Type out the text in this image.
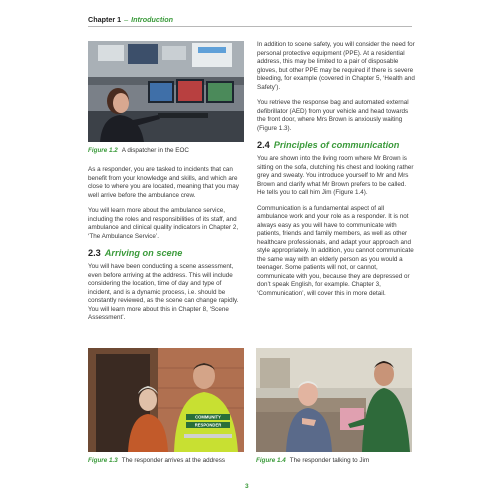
Chapter 1 – Introduction
Figure 1.2 A dispatcher in the EOC

As a responder, you are tasked to incidents that can benefit from your knowledge and skills, and which are close to where you are located, meaning that you may well arrive before the ambulance crew.

You will learn more about the ambulance service, including the roles and responsibilities of its staff, and ambulance and clinical quality indicators in Chapter 2, ‘The Ambulance Service’.

2.3 Arriving on scene

You will have been conducting a scene assessment, even before arriving at the address. This will include considering the location, time of day and type of incident, and is a dynamic process, i.e. should be constantly reviewed, as the scene can change rapidly. You will learn more about this in Chapter 8, ‘Scene Assessment’.

In addition to scene safety, you will consider the need for personal protective equipment (PPE). At a residential address, this may be limited to a pair of disposable gloves, but other PPE may be required if there is severe bleeding, for example (covered in Chapter 5, ‘Health and Safety’).

You retrieve the response bag and automated external defibrillator (AED) from your vehicle and head towards the front door, where Mrs Brown is anxiously waiting (Figure 1.3).

2.4 Principles of communication

You are shown into the living room where Mr Brown is sitting on the sofa, clutching his chest and looking rather grey and sweaty. You introduce yourself to Mr and Mrs Brown and clarify what Mr Brown prefers to be called. He tells you to call him Jim (Figure 1.4).

Communication is a fundamental aspect of all ambulance work and your role as a responder. It is not always easy as you will have to communicate with patients, friends and family members, as well as other healthcare professionals, and adapt your approach and style appropriately. In addition, you cannot communicate the same way with an elderly person as you would a teenager. Some patients will not, or cannot, communicate with you, because they are depressed or don’t speak English, for example. Chapter 3, ‘Communication’, will cover this in more detail.

COMMUNITY
RESPONDER
Figure 1.3 The responder arrives at the address	Figure 1.4 The responder talking to Jim
3
